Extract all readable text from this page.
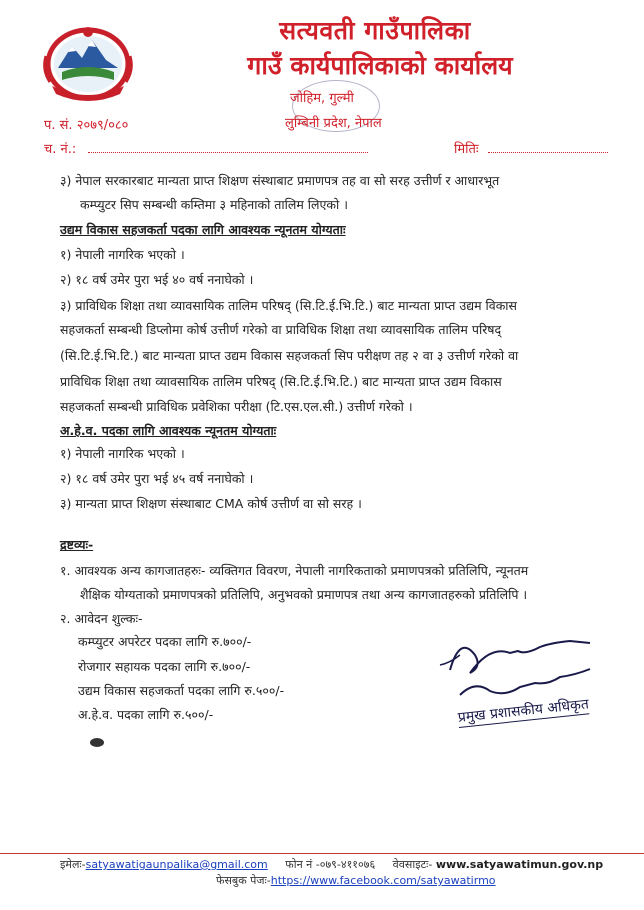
सत्यवती गाउँपालिका
गाउँ कार्यपालिकाको कार्यालय
जोहिम, गुल्मी
लुम्बिनी प्रदेश, नेपाल
प. सं. २०७९/०८०
च. नं.:	मितिः
३) नेपाल सरकारबाट मान्यता प्राप्त शिक्षण संस्थाबाट प्रमाणपत्र तह वा सो सरह उत्तीर्ण र आधारभूत
कम्प्युटर सिप सम्बन्धी कम्तिमा ३ महिनाको तालिम लिएको ।
उद्यम विकास सहजकर्ता पदका लागि आवश्यक न्यूनतम योग्यताः
१) नेपाली नागरिक भएको ।
२) १८ वर्ष उमेर पुरा भई ४० वर्ष ननाघेको ।
३) प्राविधिक शिक्षा तथा व्यावसायिक तालिम परिषद् (सि.टि.ई.भि.टि.) बाट मान्यता प्राप्त उद्यम विकास
सहजकर्ता सम्बन्धी डिप्लोमा कोर्ष उत्तीर्ण गरेको वा प्राविधिक शिक्षा तथा व्यावसायिक तालिम परिषद्
(सि.टि.ई.भि.टि.) बाट मान्यता प्राप्त उद्यम विकास सहजकर्ता सिप परीक्षण तह २ वा ३ उत्तीर्ण गरेको वा
प्राविधिक शिक्षा तथा व्यावसायिक तालिम परिषद् (सि.टि.ई.भि.टि.) बाट मान्यता प्राप्त उद्यम विकास
सहजकर्ता सम्बन्धी प्राविधिक प्रवेशिका परीक्षा (टि.एस.एल.सी.) उत्तीर्ण गरेको ।
अ.हे.व. पदका लागि आवश्यक न्यूनतम योग्यताः
१) नेपाली नागरिक भएको ।
२) १८ वर्ष उमेर पुरा भई ४५ वर्ष ननाघेको ।
३) मान्यता प्राप्त शिक्षण संस्थाबाट CMA कोर्ष उत्तीर्ण वा सो सरह ।
द्रष्टव्यः-
१. आवश्यक अन्य कागजातहरुः- व्यक्तिगत विवरण, नेपाली नागरिकताको प्रमाणपत्रको प्रतिलिपि, न्यूनतम
शैक्षिक योग्यताको प्रमाणपत्रको प्रतिलिपि, अनुभवको प्रमाणपत्र तथा अन्य कागजातहरुको प्रतिलिपि ।
२. आवेदन शुल्कः-
कम्प्युटर अपरेटर पदका लागि रु.७००/-
रोजगार सहायक पदका लागि रु.७००/-
उद्यम विकास सहजकर्ता पदका लागि रु.५००/-
अ.हे.व. पदका लागि रु.५००/-	प्रमुख प्रशासकीय अधिकृत
इमेलः-satyawatigaunpalika@gmail.com फोन नं -०७९-४११०७६ वेवसाइटः- www.satyawatimun.gov.np
फेसबुक पेजः-https://www.facebook.com/satyawatirmo
